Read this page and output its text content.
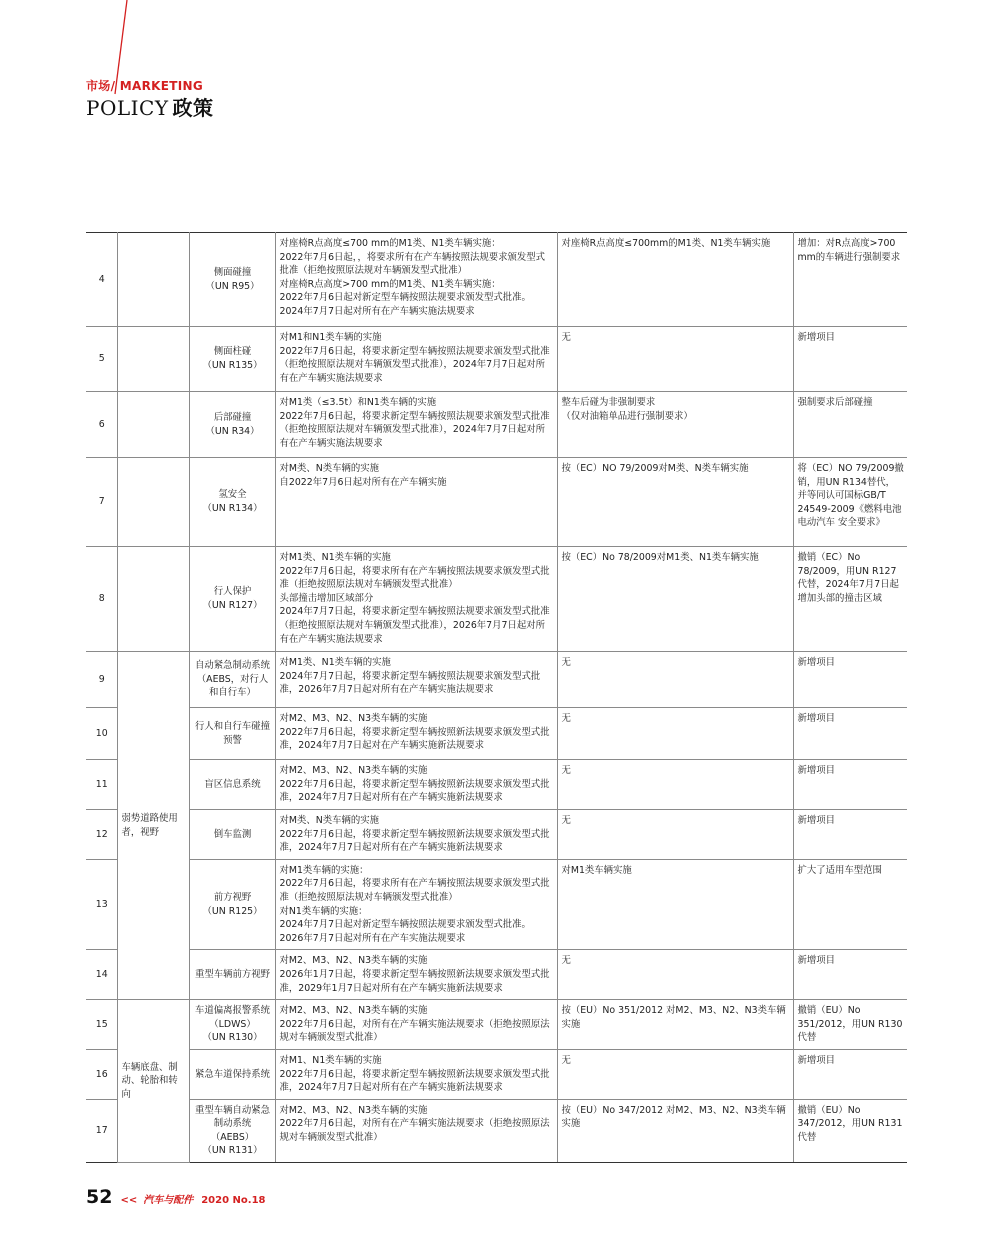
市场/ MARKETING
POLICY 政策
4		侧面碰撞
（UN R95）	对座椅R点高度≤700 mm的M1类、N1类车辆实施：
2022年7月6日起，，将要求所有在产车辆按照法规要求颁发型式批准（拒绝按照原法规对车辆颁发型式批准）
对座椅R点高度>700 mm的M1类、N1类车辆实施：
2022年7月6日起对新定型车辆按照法规要求颁发型式批准。
2024年7月7日起对所有在产车辆实施法规要求	对座椅R点高度≤700mm的M1类、N1类车辆实施	增加：对R点高度>700 mm的车辆进行强制要求
5		侧面柱碰
（UN R135）	对M1和N1类车辆的实施
2022年7月6日起，将要求新定型车辆按照法规要求颁发型式批准（拒绝按照原法规对车辆颁发型式批准），2024年7月7日起对所有在产车辆实施法规要求	无	新增项目
6		后部碰撞
（UN R34）	对M1类（≤3.5t）和N1类车辆的实施
2022年7月6日起，将要求新定型车辆按照法规要求颁发型式批准（拒绝按照原法规对车辆颁发型式批准），2024年7月7日起对所有在产车辆实施法规要求	整车后碰为非强制要求
（仅对油箱单品进行强制要求）	强制要求后部碰撞
7		氢安全
（UN R134）	对M类、N类车辆的实施
自2022年7月6日起对所有在产车辆实施	按（EC）NO 79/2009对M类、N类车辆实施	将（EC）NO 79/2009撤销，用UN R134替代，并等同认可国标GB/T 24549-2009《燃料电池电动汽车 安全要求》
8		行人保护
（UN R127）	对M1类、N1类车辆的实施
2022年7月6日起，将要求所有在产车辆按照法规要求颁发型式批准（拒绝按照原法规对车辆颁发型式批准）
头部撞击增加区域部分
2024年7月7日起，将要求新定型车辆按照法规要求颁发型式批准（拒绝按照原法规对车辆颁发型式批准），2026年7月7日起对所有在产车辆实施法规要求	按（EC）No 78/2009对M1类、N1类车辆实施	撤销（EC）No 78/2009，用UN R127代替，2024年7月7日起增加头部的撞击区域
9	弱势道路使用者，视野	自动紧急制动系统（AEBS，对行人和自行车）	对M1类、N1类车辆的实施
2024年7月7日起，将要求新定型车辆按照法规要求颁发型式批准，2026年7月7日起对所有在产车辆实施法规要求	无	新增项目
10		行人和自行车碰撞预警	对M2、M3、N2、N3类车辆的实施
2022年7月6日起，将要求新定型车辆按照新法规要求颁发型式批准，2024年7月7日起对在产车辆实施新法规要求	无	新增项目
11		盲区信息系统	对M2、M3、N2、N3类车辆的实施
2022年7月6日起，将要求新定型车辆按照新法规要求颁发型式批准，2024年7月7日起对所有在产车辆实施新法规要求	无	新增项目
12		倒车监测	对M类、N类车辆的实施
2022年7月6日起，将要求新定型车辆按照新法规要求颁发型式批准，2024年7月7日起对所有在产车辆实施新法规要求	无	新增项目
13		前方视野
（UN R125）	对M1类车辆的实施：
2022年7月6日起，将要求所有在产车辆按照法规要求颁发型式批准（拒绝按照原法规对车辆颁发型式批准）
对N1类车辆的实施：
2024年7月7日起对新定型车辆按照法规要求颁发型式批准。
2026年7月7日起对所有在产车实施法规要求	对M1类车辆实施	扩大了适用车型范围
14		重型车辆前方视野	对M2、M3、N2、N3类车辆的实施
2026年1月7日起，将要求新定型车辆按照新法规要求颁发型式批准，2029年1月7日起对所有在产车辆实施新法规要求	无	新增项目
15	车辆底盘、制动、轮胎和转向	车道偏离报警系统（LDWS）
（UN R130）	对M2、M3、N2、N3类车辆的实施
2022年7月6日起，对所有在产车辆实施法规要求（拒绝按照原法规对车辆颁发型式批准）	按（EU）No 351/2012 对M2、M3、N2、N3类车辆实施	撤销（EU）No 351/2012，用UN R130代替
16		紧急车道保持系统	对M1、N1类车辆的实施
2022年7月6日起，将要求新定型车辆按照新法规要求颁发型式批准，2024年7月7日起对所有在产车辆实施新法规要求	无	新增项目
17		重型车辆自动紧急制动系统（AEBS）
（UN R131）	对M2、M3、N2、N3类车辆的实施
2022年7月6日起，对所有在产车辆实施法规要求（拒绝按照原法规对车辆颁发型式批准）	按（EU）No 347/2012 对M2、M3、N2、N3类车辆实施	撤销（EU）No 347/2012，用UN R131代替
52 << 汽车与配件 2020 No.18
